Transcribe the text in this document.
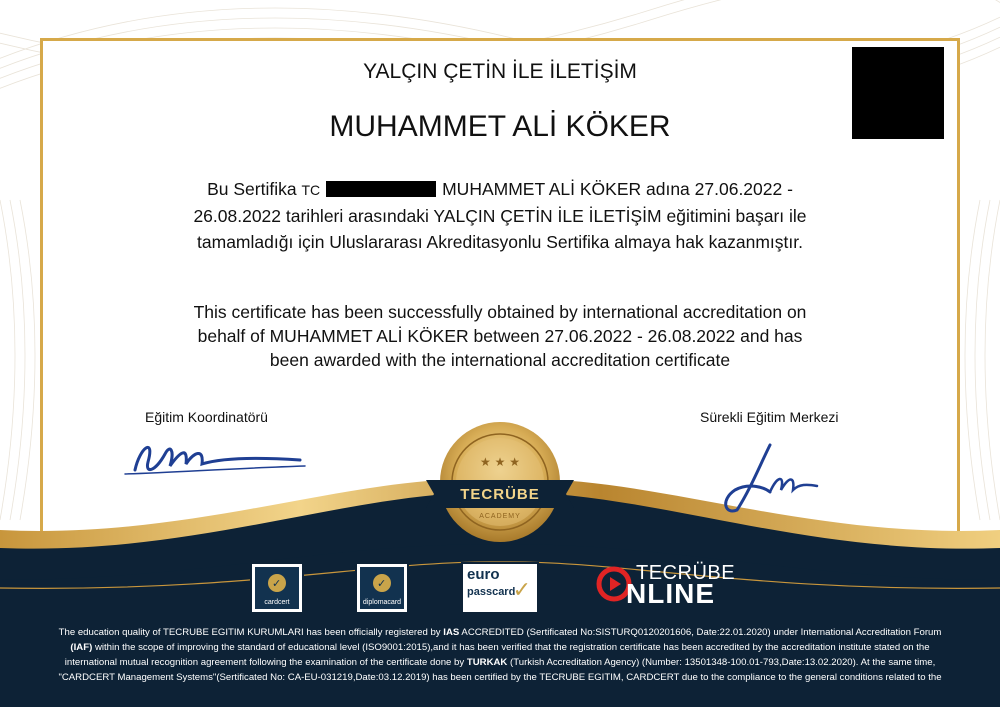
YALÇIN ÇETİN İLE İLETİŞİM
MUHAMMET ALİ KÖKER
Bu Sertifika TC	MUHAMMET ALİ KÖKER adına 27.06.2022 -
26.08.2022 tarihleri arasındaki YALÇIN ÇETİN İLE İLETİŞİM eğitimini başarı ile
tamamladığı için Uluslararası Akreditasyonlu Sertifika almaya hak kazanmıştır.
This certificate has been successfully obtained by international accreditation on
behalf of MUHAMMET ALİ KÖKER between 27.06.2022 - 26.08.2022 and has
been awarded with the international accreditation certificate
Eğitim Koordinatörü	Sürekli Eğitim Merkezi
★ ★ ★
TECRÜBE
ACADEMY
✓
cardcert
✓
diplomacard
euro
passcard
✓
TECRÜBE
NLINE
The education quality of TECRUBE EGITIM KURUMLARI has been officially registered by IAS ACCREDITED (Sertificated No:SISTURQ0120201606, Date:22.01.2020) under International Accreditation Forum
(IAF) within the scope of improving the standard of educational level (ISO9001:2015),and it has been verified that the registration certificate has been accredited by the accreditation institute stated on the
international mutual recognition agreement following the examination of the certificate done by TURKAK (Turkish Accreditation Agency) (Number: 13501348-100.01-793,Date:13.02.2020). At the same time,
"CARDCERT Management Systems"(Sertificated No: CA-EU-031219,Date:03.12.2019) has been certified by the TECRUBE EGITIM, CARDCERT due to the compliance to the general conditions related to the
